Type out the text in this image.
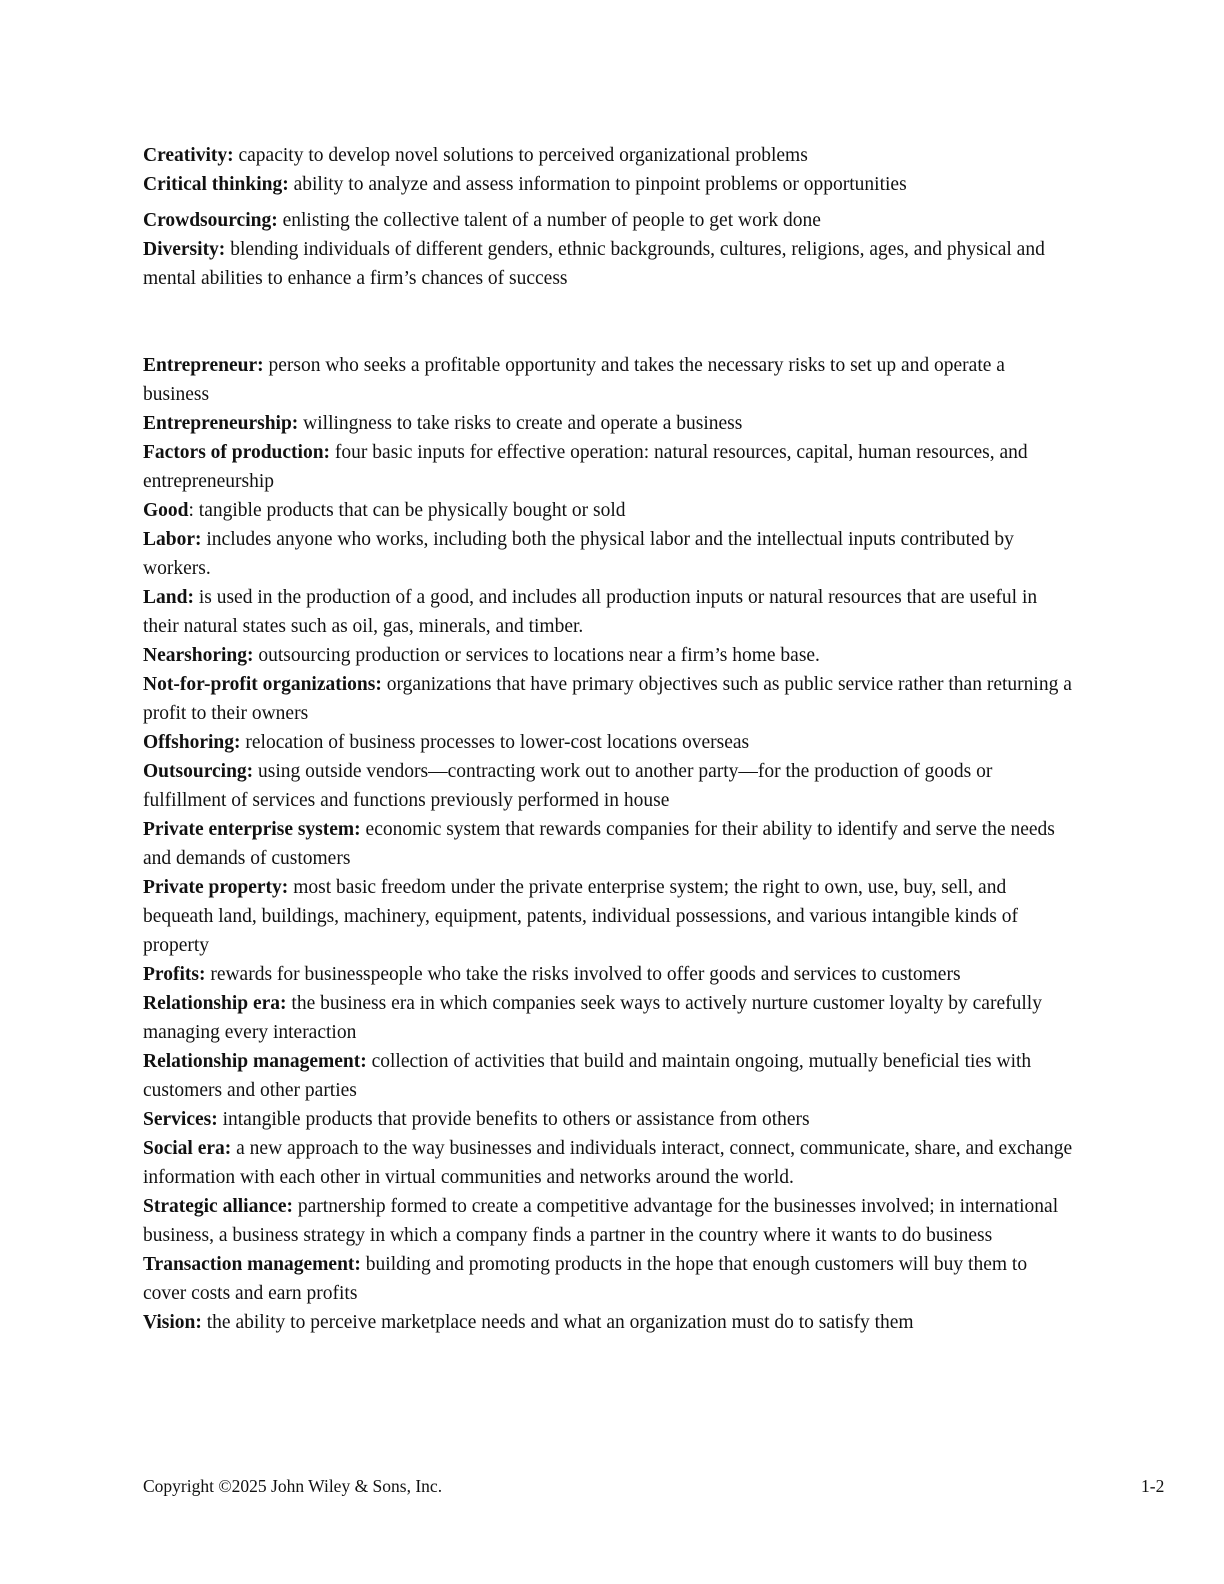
Creativity: capacity to develop novel solutions to perceived organizational problems

Critical thinking: ability to analyze and assess information to pinpoint problems or opportunities

Crowdsourcing: enlisting the collective talent of a number of people to get work done

Diversity: blending individuals of different genders, ethnic backgrounds, cultures, religions, ages, and physical and mental abilities to enhance a firm’s chances of success

Entrepreneur: person who seeks a profitable opportunity and takes the necessary risks to set up and operate a business

Entrepreneurship: willingness to take risks to create and operate a business

Factors of production: four basic inputs for effective operation: natural resources, capital, human resources, and entrepreneurship

Good: tangible products that can be physically bought or sold

Labor: includes anyone who works, including both the physical labor and the intellectual inputs contributed by workers.

Land: is used in the production of a good, and includes all production inputs or natural resources that are useful in their natural states such as oil, gas, minerals, and timber.

Nearshoring: outsourcing production or services to locations near a firm’s home base.

Not-for-profit organizations: organizations that have primary objectives such as public service rather than returning a profit to their owners

Offshoring: relocation of business processes to lower-cost locations overseas

Outsourcing: using outside vendors—contracting work out to another party—for the production of goods or fulfillment of services and functions previously performed in house

Private enterprise system: economic system that rewards companies for their ability to identify and serve the needs and demands of customers

Private property: most basic freedom under the private enterprise system; the right to own, use, buy, sell, and bequeath land, buildings, machinery, equipment, patents, individual possessions, and various intangible kinds of property

Profits: rewards for businesspeople who take the risks involved to offer goods and services to customers

Relationship era: the business era in which companies seek ways to actively nurture customer loyalty by carefully managing every interaction

Relationship management: collection of activities that build and maintain ongoing, mutually beneficial ties with customers and other parties

Services: intangible products that provide benefits to others or assistance from others

Social era: a new approach to the way businesses and individuals interact, connect, communicate, share, and exchange information with each other in virtual communities and networks around the world.

Strategic alliance: partnership formed to create a competitive advantage for the businesses involved; in international business, a business strategy in which a company finds a partner in the country where it wants to do business

Transaction management: building and promoting products in the hope that enough customers will buy them to cover costs and earn profits

Vision: the ability to perceive marketplace needs and what an organization must do to satisfy them

Copyright ©2025 John Wiley & Sons, Inc.	1-2
